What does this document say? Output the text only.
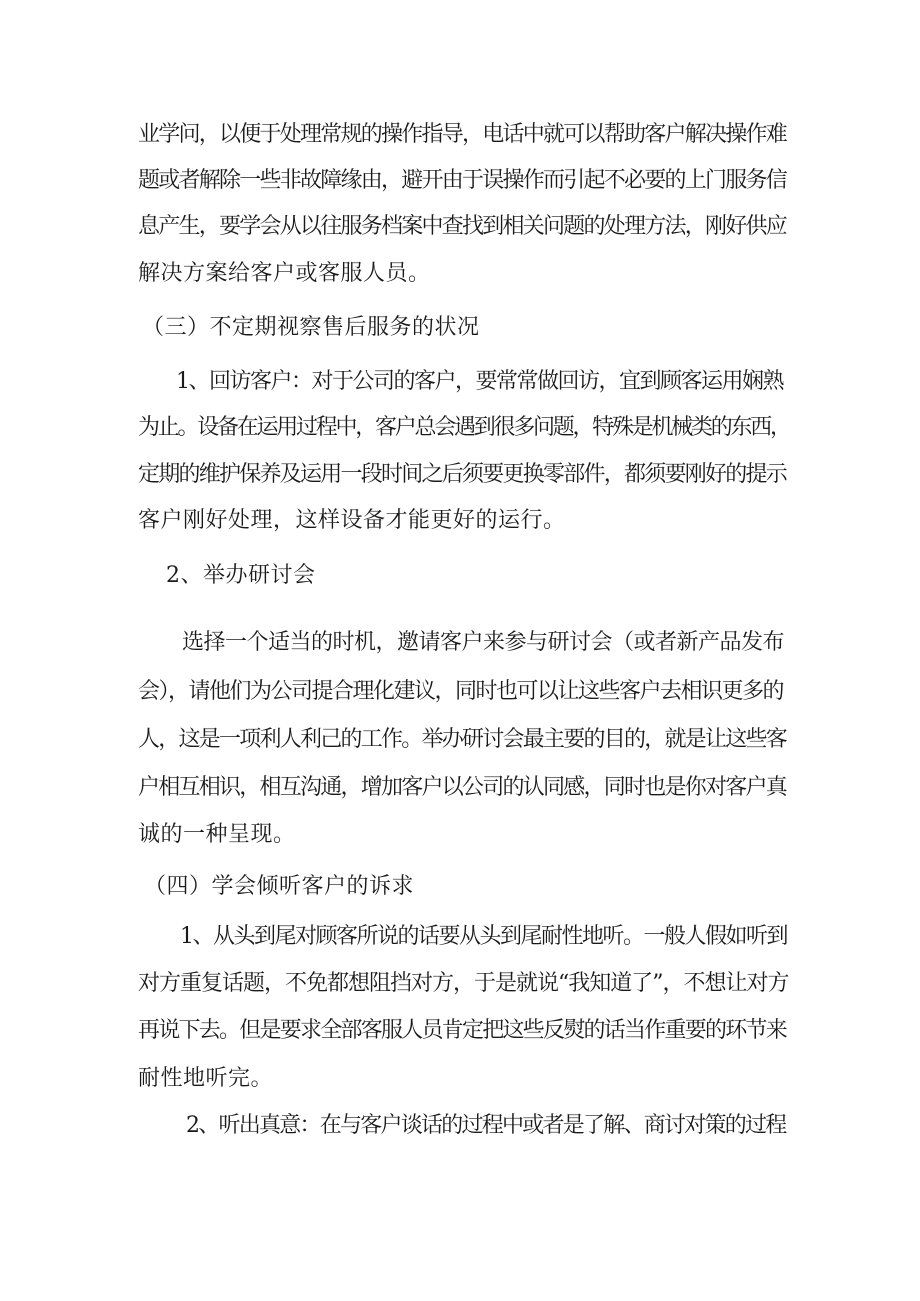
业学问，以便于处理常规的操作指导，电话中就可以帮助客户解决操作难
题或者解除一些非故障缘由，避开由于误操作而引起不必要的上门服务信
息产生，要学会从以往服务档案中查找到相关问题的处理方法，刚好供应
解决方案给客户或客服人员。
（三）不定期视察售后服务的状况
1、回访客户：对于公司的客户，要常常做回访，宜到顾客运用娴熟
为止。设备在运用过程中，客户总会遇到很多问题，特殊是机械类的东西，
定期的维护保养及运用一段时间之后须要更换零部件，都须要刚好的提示
客户刚好处理，这样设备才能更好的运行。
2、举办研讨会
选择一个适当的时机，邀请客户来参与研讨会（或者新产品发布
会），请他们为公司提合理化建议，同时也可以让这些客户去相识更多的
人，这是一项利人利己的工作。举办研讨会最主要的目的，就是让这些客
户相互相识，相互沟通，增加客户以公司的认同感，同时也是你对客户真
诚的一种呈现。
（四）学会倾听客户的诉求
1、从头到尾对顾客所说的话要从头到尾耐性地听。一般人假如听到
对方重复话题，不免都想阻挡对方，于是就说“我知道了”，不想让对方
再说下去。但是要求全部客服人员肯定把这些反熨的话当作重要的环节来
耐性地听完。
2、听出真意：在与客户谈话的过程中或者是了解、商讨对策的过程
